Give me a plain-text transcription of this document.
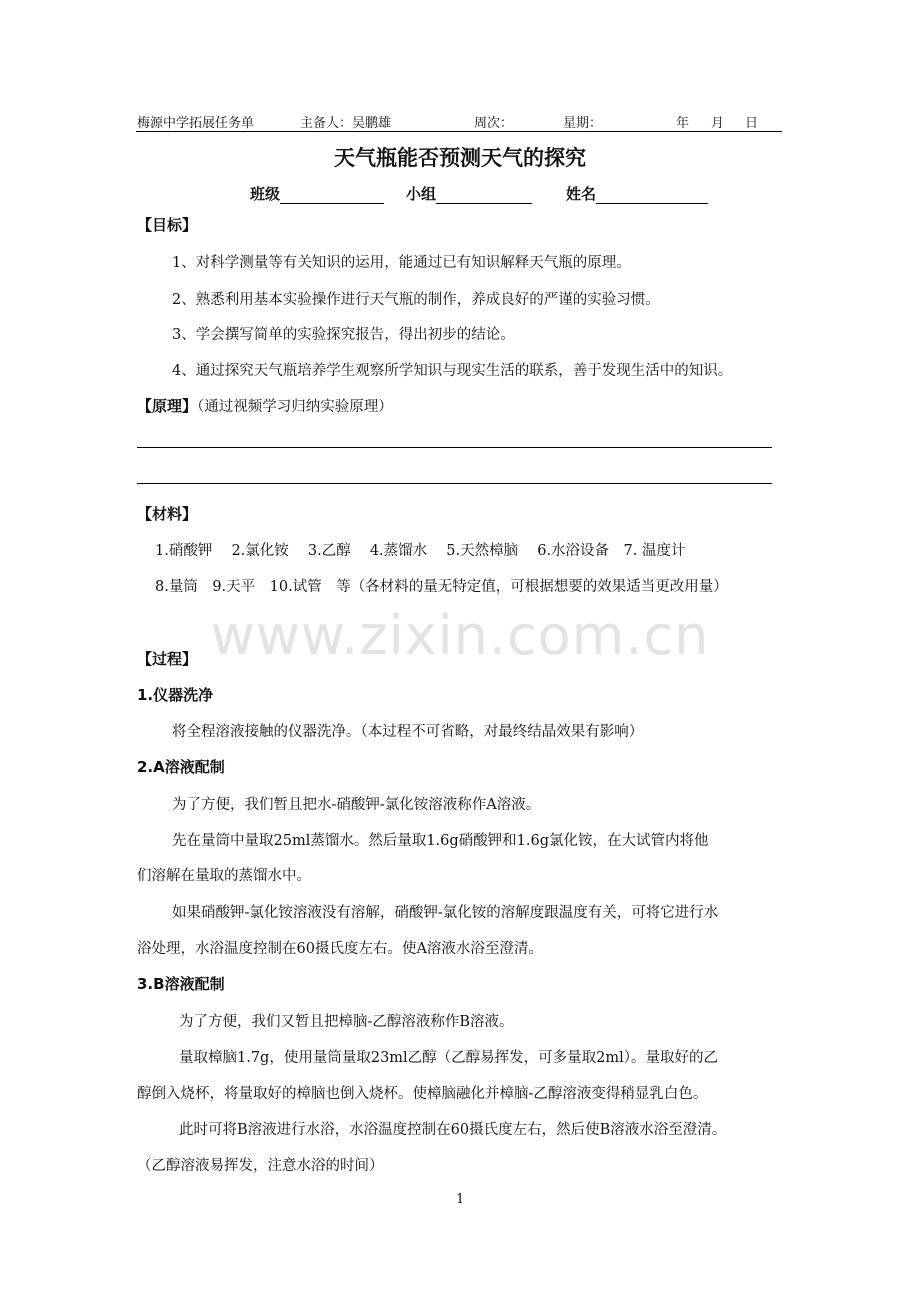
梅源中学拓展任务单	主备人：吴鹏雄	周次：	星期：	年 月 日
天气瓶能否预测天气的探究
班级	小组	姓名
【目标】
1、对科学测量等有关知识的运用，能通过已有知识解释天气瓶的原理。
2、熟悉利用基本实验操作进行天气瓶的制作，养成良好的严谨的实验习惯。
3、学会撰写简单的实验探究报告，得出初步的结论。
4、通过探究天气瓶培养学生观察所学知识与现实生活的联系，善于发现生活中的知识。
【原理】（通过视频学习归纳实验原理）
【材料】
1.硝酸钾　 2.氯化铵　 3.乙醇　 4.蒸馏水　 5.天然樟脑　 6.水浴设备　7. 温度计
8.量筒　9.天平　10.试管　等（各材料的量无特定值，可根据想要的效果适当更改用量）
www.zixin.com.cn
【过程】
1.仪器洗净
将全程溶液接触的仪器洗净。（本过程不可省略，对最终结晶效果有影响）
2.A溶液配制
为了方便，我们暂且把水-硝酸钾-氯化铵溶液称作A溶液。
先在量筒中量取25ml蒸馏水。然后量取1.6g硝酸钾和1.6g氯化铵，在大试管内将他
们溶解在量取的蒸馏水中。
如果硝酸钾-氯化铵溶液没有溶解，硝酸钾-氯化铵的溶解度跟温度有关，可将它进行水
浴处理，水浴温度控制在60摄氏度左右。使A溶液水浴至澄清。
3.B溶液配制
为了方便，我们又暂且把樟脑-乙醇溶液称作B溶液。
量取樟脑1.7g，使用量筒量取23ml乙醇（乙醇易挥发，可多量取2ml）。量取好的乙
醇倒入烧杯，将量取好的樟脑也倒入烧杯。使樟脑融化并樟脑-乙醇溶液变得稍显乳白色。
此时可将B溶液进行水浴，水浴温度控制在60摄氏度左右，然后使B溶液水浴至澄清。
（乙醇溶液易挥发，注意水浴的时间）
1
